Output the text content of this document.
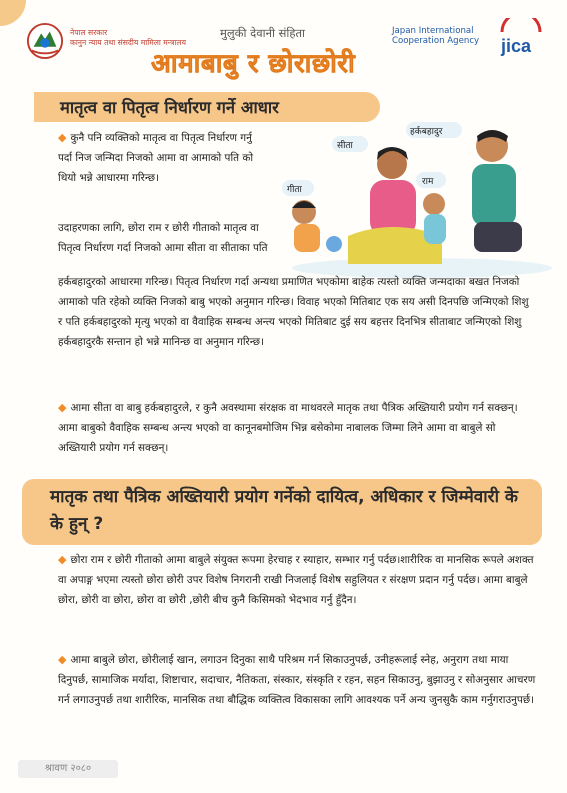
नेपाल सरकार
कानुन न्याय तथा संसदीय मामिला मन्त्रालय
मुलुकी देवानी संहिता	Japan International
Cooperation Agency jica
आमाबाबु र छोराछोरी
मातृत्व वा पितृत्व निर्धारण गर्ने आधार
◆ कुनै पनि व्यक्तिको मातृत्व वा पितृत्व निर्धारण गर्नु पर्दा निज जन्मिदा निजको आमा वा आमाको पति को थियो भन्ने आधारमा गरिन्छ।
उदाहरणका लागि, छोरा राम र छोरी गीताको मातृत्व वा पितृत्व निर्धारण गर्दा निजको आमा सीता वा सीताका पति
सीता
हर्कबहादुर
गीता
राम
हर्कबहादुरको आधारमा गरिन्छ। पितृत्व निर्धारण गर्दा अन्यथा प्रमाणित भएकोमा बाहेक त्यस्तो व्यक्ति जन्मदाका बखत निजको आमाको पति रहेको व्यक्ति निजको बाबु भएको अनुमान गरिन्छ। विवाह भएको मितिबाट एक सय असी दिनपछि जन्मिएको शिशु र पति हर्कबहादुरको मृत्यु भएको वा वैवाहिक सम्बन्ध अन्त्य भएको मितिबाट दुई सय बहत्तर दिनभित्र सीताबाट जन्मिएको शिशु हर्कबहादुरकै सन्तान हो भन्ने मानिन्छ वा अनुमान गरिन्छ।
◆ आमा सीता वा बाबु हर्कबहादुरले, र कुनै अवस्थामा संरक्षक वा माथवरले मातृक तथा पैत्रिक अख्तियारी प्रयोग गर्न सक्छन्। आमा बाबुको वैवाहिक सम्बन्ध अन्त्य भएको वा कानूनबमोजिम भिन्न बसेकोमा नाबालक जिम्मा लिने आमा वा बाबुले सो अख्तियारी प्रयोग गर्न सक्छन्।
मातृक तथा पैत्रिक अख्तियारी प्रयोग गर्नेको दायित्व, अधिकार र जिम्मेवारी के के हुन् ?
◆ छोरा राम र छोरी गीताको आमा बाबुले संयुक्त रूपमा हेरचाह र स्याहार, सम्भार गर्नु पर्दछ।शारीरिक वा मानसिक रूपले अशक्त वा अपाङ्ग भएमा त्यस्तो छोरा छोरी उपर विशेष निगरानी राखी निजलाई विशेष सहुलियत र संरक्षण प्रदान गर्नु पर्दछ। आमा बाबुले छोरा, छोरी वा छोरा, छोरा वा छोरी ,छोरी बीच कुनै किसिमको भेदभाव गर्नु हुँदैन।
◆ आमा बाबुले छोरा, छोरीलाई खान, लगाउन दिनुका साथै परिश्रम गर्न सिकाउनुपर्छ, उनीहरूलाई स्नेह, अनुराग तथा माया दिनुपर्छ, सामाजिक मर्यादा, शिष्टाचार, सदाचार, नैतिकता, संस्कार, संस्कृति र रहन, सहन सिकाउनु, बुझाउनु र सोअनुसार आचरण गर्न लगाउनुपर्छ तथा शारीरिक, मानसिक तथा बौद्धिक व्यक्तित्व विकासका लागि आवश्यक पर्ने अन्य जुनसुकै काम गर्नुगराउनुपर्छ।
श्रावण २०८०
